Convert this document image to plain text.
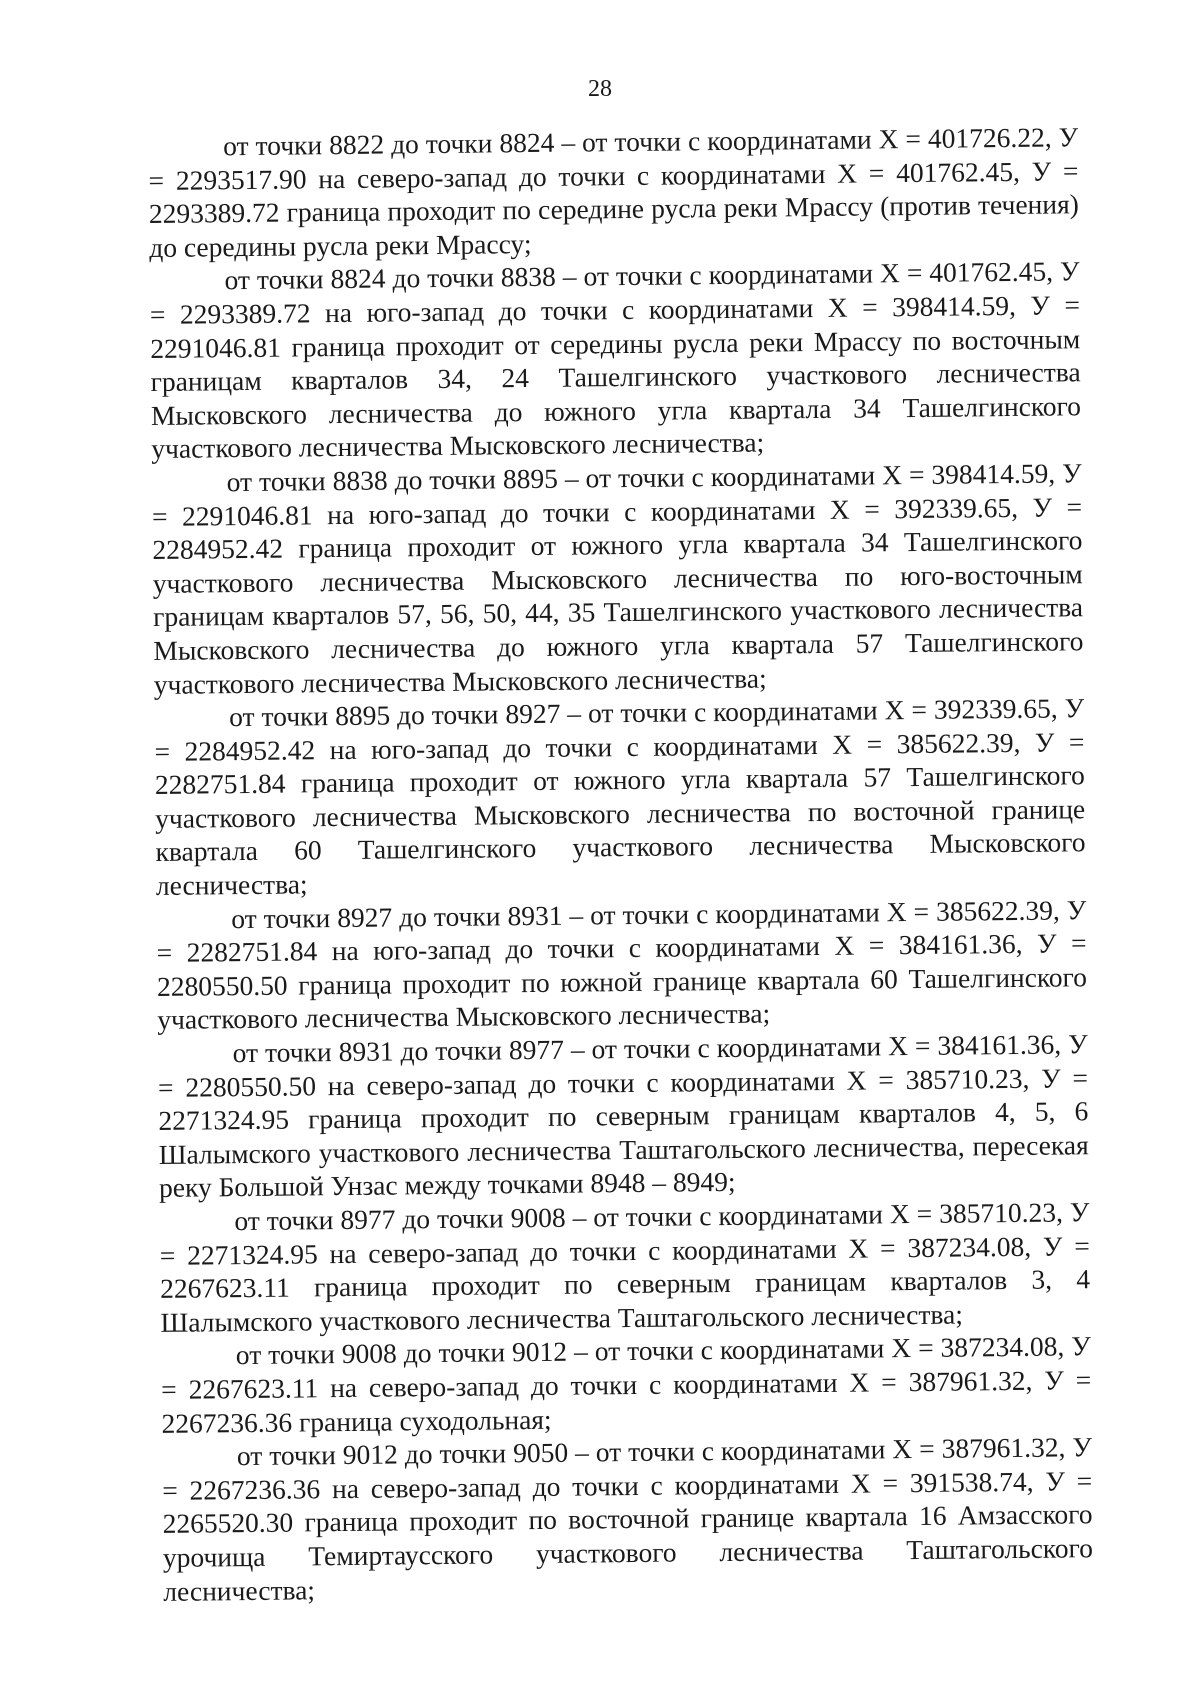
28

от точки 8822 до точки 8824 – от точки с координатами Х = 401726.22, У = 2293517.90 на северо-запад до точки с координатами Х = 401762.45, У = 2293389.72 граница проходит по середине русла реки Мрассу (против течения) до середины русла реки Мрассу;

от точки 8824 до точки 8838 – от точки с координатами Х = 401762.45, У = 2293389.72 на юго-запад до точки с координатами Х = 398414.59, У = 2291046.81 граница проходит от середины русла реки Мрассу по восточным границам кварталов 34, 24 Ташелгинского участкового лесничества Мысковского лесничества до южного угла квартала 34 Ташелгинского участкового лесничества Мысковского лесничества;

от точки 8838 до точки 8895 – от точки с координатами Х = 398414.59, У = 2291046.81 на юго-запад до точки с координатами Х = 392339.65, У = 2284952.42 граница проходит от южного угла квартала 34 Ташелгинского участкового лесничества Мысковского лесничества по юго-восточным границам кварталов 57, 56, 50, 44, 35 Ташелгинского участкового лесничества Мысковского лесничества до южного угла квартала 57 Ташелгинского участкового лесничества Мысковского лесничества;

от точки 8895 до точки 8927 – от точки с координатами Х = 392339.65, У = 2284952.42 на юго-запад до точки с координатами Х = 385622.39, У = 2282751.84 граница проходит от южного угла квартала 57 Ташелгинского участкового лесничества Мысковского лесничества по восточной границе квартала 60 Ташелгинского участкового лесничества Мысковского лесничества;

от точки 8927 до точки 8931 – от точки с координатами Х = 385622.39, У = 2282751.84 на юго-запад до точки с координатами Х = 384161.36, У = 2280550.50 граница проходит по южной границе квартала 60 Ташелгинского участкового лесничества Мысковского лесничества;

от точки 8931 до точки 8977 – от точки с координатами Х = 384161.36, У = 2280550.50 на северо-запад до точки с координатами Х = 385710.23, У = 2271324.95 граница проходит по северным границам кварталов 4, 5, 6 Шалымского участкового лесничества Таштагольского лесничества, пересекая реку Большой Унзас между точками 8948 – 8949;

от точки 8977 до точки 9008 – от точки с координатами Х = 385710.23, У = 2271324.95 на северо-запад до точки с координатами Х = 387234.08, У = 2267623.11 граница проходит по северным границам кварталов 3, 4 Шалымского участкового лесничества Таштагольского лесничества;

от точки 9008 до точки 9012 – от точки с координатами Х = 387234.08, У = 2267623.11 на северо-запад до точки с координатами Х = 387961.32, У = 2267236.36 граница суходольная;

от точки 9012 до точки 9050 – от точки с координатами Х = 387961.32, У = 2267236.36 на северо-запад до точки с координатами Х = 391538.74, У = 2265520.30 граница проходит по восточной границе квартала 16 Амзасского урочища Темиртаусского участкового лесничества Таштагольского лесничества;
